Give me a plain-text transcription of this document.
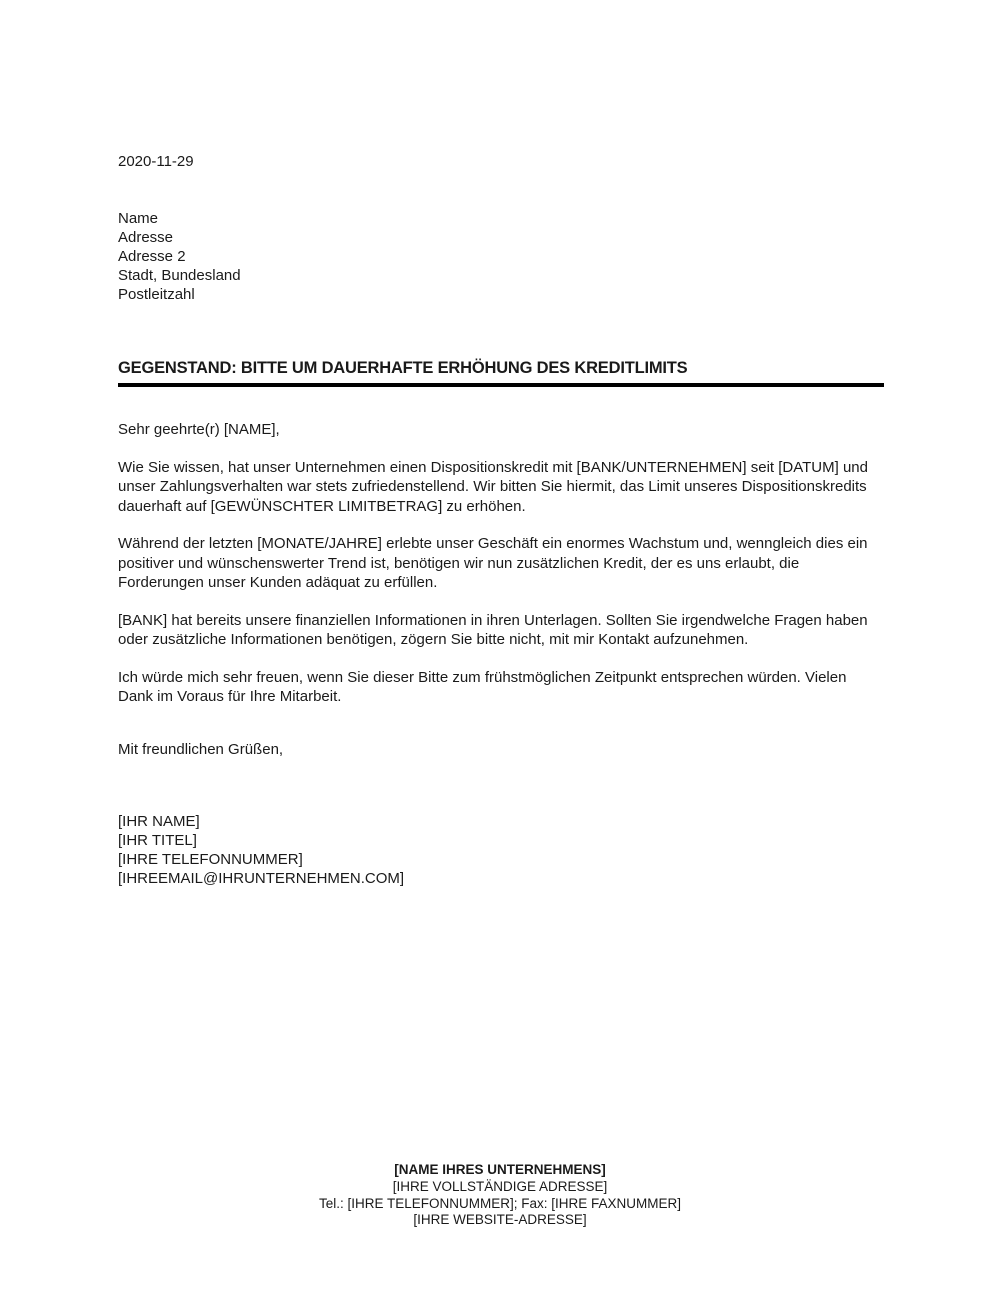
2020-11-29
Name
Adresse
Adresse 2
Stadt, Bundesland
Postleitzahl
GEGENSTAND: BITTE UM DAUERHAFTE ERHÖHUNG DES KREDITLIMITS

Sehr geehrte(r) [NAME],

Wie Sie wissen, hat unser Unternehmen einen Dispositionskredit mit [BANK/UNTERNEHMEN] seit [DATUM] und unser Zahlungsverhalten war stets zufriedenstellend. Wir bitten Sie hiermit, das Limit unseres Dispositionskredits dauerhaft auf [GEWÜNSCHTER LIMITBETRAG] zu erhöhen.

Während der letzten [MONATE/JAHRE] erlebte unser Geschäft ein enormes Wachstum und, wenngleich dies ein positiver und wünschenswerter Trend ist, benötigen wir nun zusätzlichen Kredit, der es uns erlaubt, die Forderungen unser Kunden adäquat zu erfüllen.

[BANK] hat bereits unsere finanziellen Informationen in ihren Unterlagen. Sollten Sie irgendwelche Fragen haben oder zusätzliche Informationen benötigen, zögern Sie bitte nicht, mit mir Kontakt aufzunehmen.

Ich würde mich sehr freuen, wenn Sie dieser Bitte zum frühstmöglichen Zeitpunkt entsprechen würden. Vielen Dank im Voraus für Ihre Mitarbeit.

Mit freundlichen Grüßen,

[IHR NAME]
[IHR TITEL]
[IHRE TELEFONNUMMER]
[IHREEMAIL@IHRUNTERNEHMEN.COM]
[NAME IHRES UNTERNEHMENS]
[IHRE VOLLSTÄNDIGE ADRESSE]
Tel.: [IHRE TELEFONNUMMER]; Fax: [IHRE FAXNUMMER]
[IHRE WEBSITE-ADRESSE]
